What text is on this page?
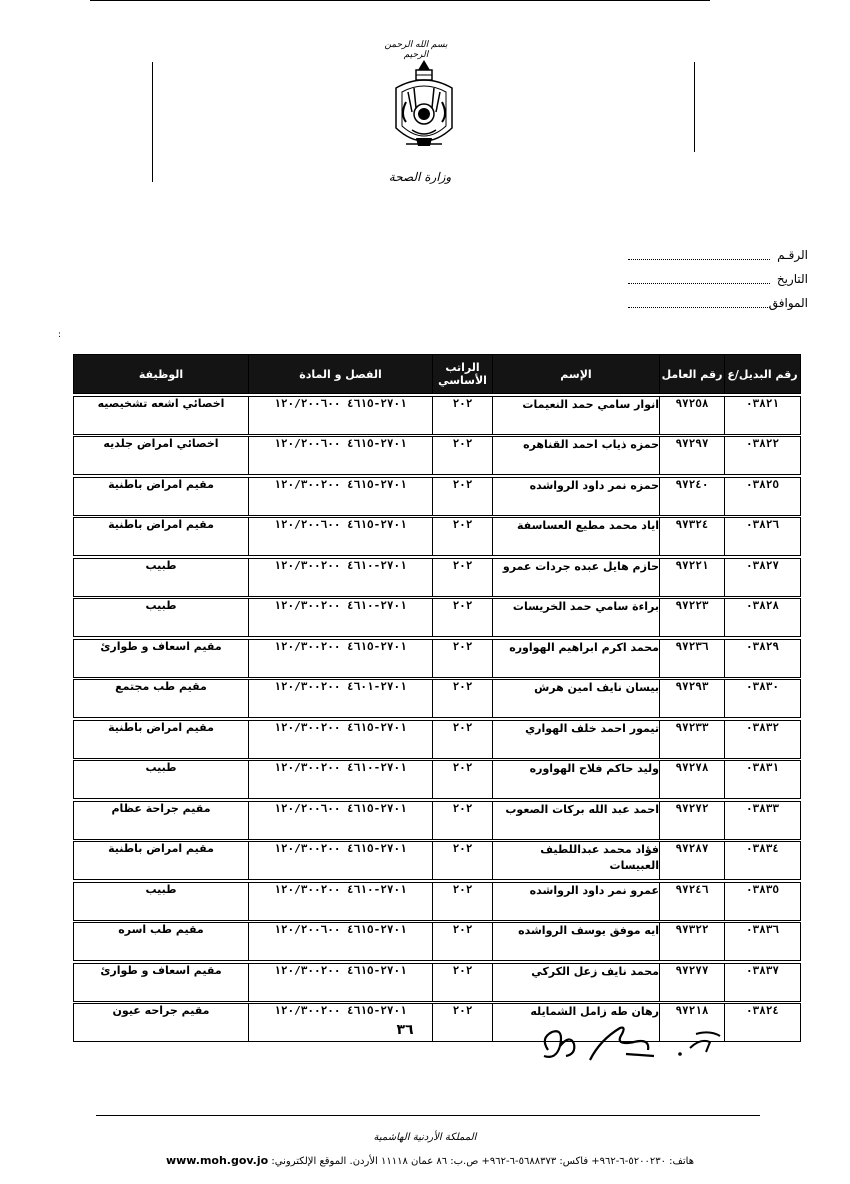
بسم الله الرحمن الرحيم
وزارة الصحة
الرقـم
التاريخ
الموافق
:
رقم البديل/ع	رقم العامل	الإسم	الراتب الأساسي	الفصل و المادة	الوظيفة

٠٣٨٢١	٩٧٢٥٨	انوار سامي حمد النعيمات	٢٠٢	٢٧٠١-٤٦١٥ ١٢٠/٢٠٠٦٠٠	اخصائي اشعه تشخيصيه

٠٣٨٢٢	٩٧٢٩٧	حمزه ذياب احمد القناهره	٢٠٢	٢٧٠١-٤٦١٥ ١٢٠/٢٠٠٦٠٠	اخصائي امراض جلديه

٠٣٨٢٥	٩٧٢٤٠	حمزه نمر داود الرواشده	٢٠٢	٢٧٠١-٤٦١٥ ١٢٠/٣٠٠٢٠٠	مقيم امراض باطنية

٠٣٨٢٦	٩٧٣٢٤	اياد محمد مطيع العساسفة	٢٠٢	٢٧٠١-٤٦١٥ ١٢٠/٢٠٠٦٠٠	مقيم امراض باطنية

٠٣٨٢٧	٩٧٢٢١	حازم هايل عبده جردات عمرو	٢٠٢	٢٧٠١-٤٦١٠ ١٢٠/٣٠٠٢٠٠	طبيب

٠٣٨٢٨	٩٧٢٢٣	براءة سامي حمد الخريسات	٢٠٢	٢٧٠١-٤٦١٠ ١٢٠/٣٠٠٢٠٠	طبيب

٠٣٨٢٩	٩٧٢٣٦	محمد اكرم ابراهيم الهواوره	٢٠٢	٢٧٠١-٤٦١٥ ١٢٠/٣٠٠٢٠٠	مقيم اسعاف و طوارئ

٠٣٨٣٠	٩٧٢٩٣	بيسان نايف امين هرش	٢٠٢	٢٧٠١-٤٦٠١ ١٢٠/٣٠٠٢٠٠	مقيم طب مجتمع

٠٣٨٣٢	٩٧٢٣٣	تيمور احمد خلف الهواري	٢٠٢	٢٧٠١-٤٦١٥ ١٢٠/٣٠٠٢٠٠	مقيم امراض باطنية

٠٣٨٣١	٩٧٢٧٨	وليد حاكم فلاح الهواوره	٢٠٢	٢٧٠١-٤٦١٠ ١٢٠/٣٠٠٢٠٠	طبيب

٠٣٨٣٣	٩٧٢٧٢	احمد عبد الله بركات الصعوب	٢٠٢	٢٧٠١-٤٦١٥ ١٢٠/٢٠٠٦٠٠	مقيم جراحة عظام

٠٣٨٣٤	٩٧٢٨٧	فؤاد محمد عبداللطيف العبيسات	٢٠٢	٢٧٠١-٤٦١٥ ١٢٠/٣٠٠٢٠٠	مقيم امراض باطنية

٠٣٨٣٥	٩٧٢٤٦	عمرو نمر داود الرواشده	٢٠٢	٢٧٠١-٤٦١٠ ١٢٠/٣٠٠٢٠٠	طبيب

٠٣٨٣٦	٩٧٣٢٢	ايه موفق يوسف الرواشده	٢٠٢	٢٧٠١-٤٦١٥ ١٢٠/٢٠٠٦٠٠	مقيم طب اسره

٠٣٨٣٧	٩٧٢٧٧	محمد نايف زعل الكركي	٢٠٢	٢٧٠١-٤٦١٥ ١٢٠/٣٠٠٢٠٠	مقيم اسعاف و طوارئ

٠٣٨٢٤	٩٧٢١٨	رهان طه زامل الشمايله	٢٠٢	٢٧٠١-٤٦١٥ ١٢٠/٣٠٠٢٠٠	مقيم جراحه عيون
٣٦
المملكة الأردنية الهاشمية
هاتف: ٥٢٠٠٢٣٠-٦-٩٦٢+ فاكس: ٥٦٨٨٣٧٣-٦-٩٦٢+ ص.ب: ٨٦ عمان ١١١١٨ الأردن. الموقع الإلكتروني: www.moh.gov.jo
